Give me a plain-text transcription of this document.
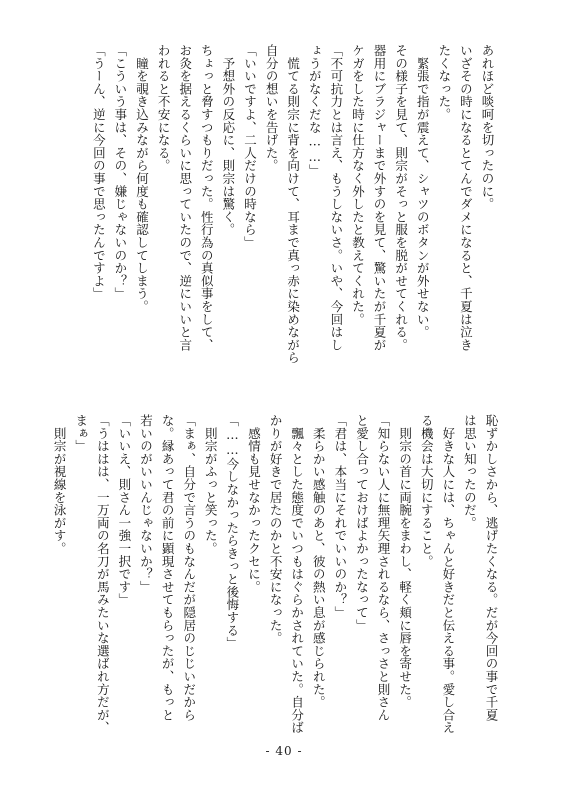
あれほど啖呵を切ったのに。
いざその時になるとてんでダメになると、千夏は泣き
たくなった。
　緊張で指が震えて、シャツのボタンが外せない。
その様子を見て、則宗がそっと服を脱がせてくれる。
器用にブラジャーまで外すのを見て、驚いたが千夏が
ケガをした時に仕方なく外したと教えてくれた。
「不可抗力とは言え、もうしないさ。いや、今回はし
ょうがなくだな……」
　慌てる則宗に背を向けて、耳まで真っ赤に染めながら
自分の想いを告げた。
「いいですよ、二人だけの時なら」
　予想外の反応に、則宗は驚く。
ちょっと脅すつもりだった。性行為の真似事をして、
お灸を据えるくらいに思っていたので、逆にいいと言
われると不安になる。
　瞳を覗き込みながら何度も確認してしまう。
「こういう事は、その、嫌じゃないのか？」
「うーん、逆に今回の事で思ったんですよ」
恥ずかしさから、逃げたくなる。だが今回の事で千夏
は思い知ったのだ。
　好きな人には、ちゃんと好きだと伝える事。愛し合え
る機会は大切にすること。
　則宗の首に両腕をまわし、軽く頬に唇を寄せた。
「知らない人に無理矢理されるなら、さっさと則さん
と愛し合っておけばよかったなって」
「君は、本当にそれでいいのか？」
　柔らかい感触のあと、彼の熱い息が感じられた。
　飄々とした態度でいつもはぐらかされていた。自分ば
かりが好きで居たのかと不安になった。
　感情も見せなかったクセに。
「……今しなかったらきっと後悔する」
　則宗がふっと笑った。
「まぁ、自分で言うのもなんだが隠居のじじいだから
な。縁あって君の前に顕現させてもらったが、もっと
若いのがいいんじゃないか？」
「いいえ、則さん一強一択です」
「うははは、一万両の名刀が馬みたいな選ばれ方だが、
まぁ」
　則宗が視線を泳がす。
- 40 -
